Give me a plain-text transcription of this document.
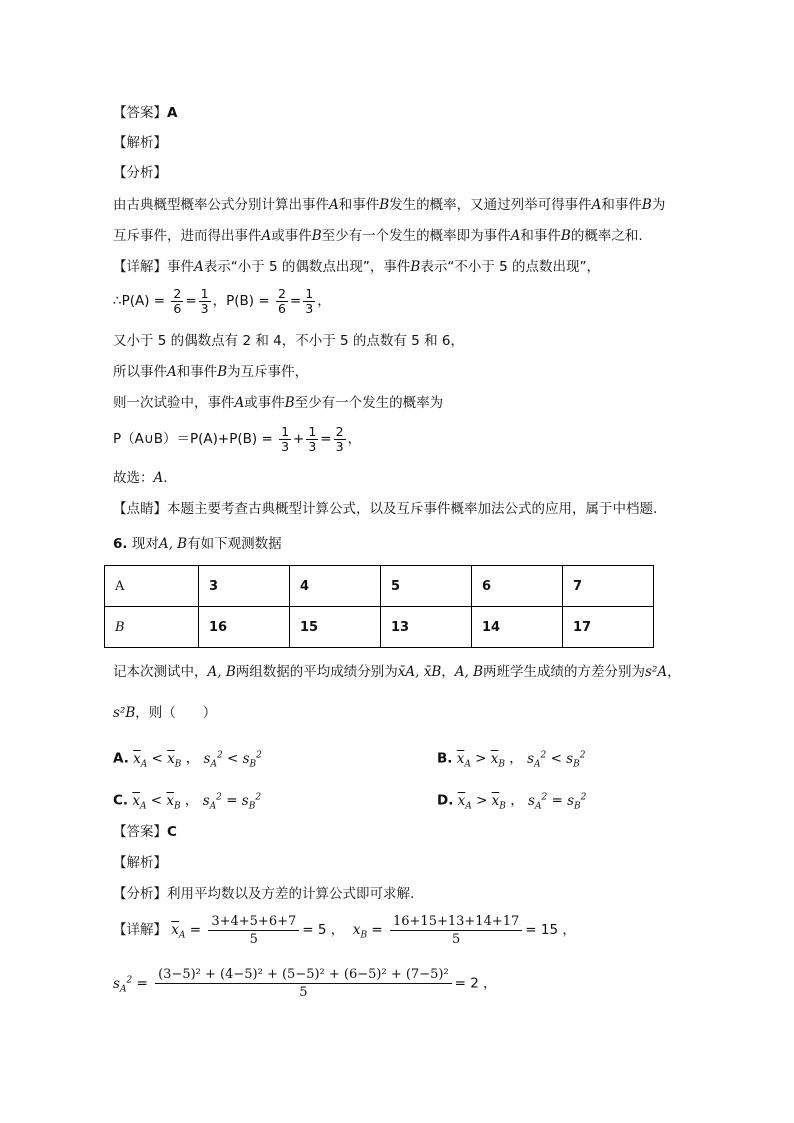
【答案】A
【解析】
【分析】
由古典概型概率公式分别计算出事件A和事件B发生的概率，又通过列举可得事件A和事件B为
互斥事件，进而得出事件A或事件B至少有一个发生的概率即为事件A和事件B的概率之和.
【详解】事件A表示“小于 5 的偶数点出现”，事件B表示“不小于 5 的点数出现”，
∴P(A) = $\frac{2}{6} = \frac{1}{3}$ ，$P(B) = \frac{2}{6} = \frac{1}{3}$ ，
又小于 5 的偶数点有 2 和 4，不小于 5 的点数有 5 和 6，
所以事件A和事件B为互斥事件，
则一次试验中，事件A或事件B至少有一个发生的概率为
P（A∪B）＝P(A)+P(B) = $\frac{1}{3} + \frac{1}{3} = \frac{2}{3}$ ，
故选：A.
【点睛】本题主要考查古典概型计算公式，以及互斥事件概率加法公式的应用，属于中档题.
6. 现对A, B有如下观测数据
A	3	4	5	6	7
B	16	15	13	14	17
记本次测试中，A, B两组数据的平均成绩分别为x̄A, x̄B，A, B两班学生成绩的方差分别为s²A，
s²B，则（　　）
A. $\overline{x}_A < \overline{x}_B$ ， $s_A^2 < s_B^2$	B. $\overline{x}_A > \overline{x}_B$ ， $s_A^2 < s_B^2$
C. $\overline{x}_A < \overline{x}_B$ ， $s_A^2 = s_B^2$	D. $\overline{x}_A > \overline{x}_B$ ， $s_A^2 = s_B^2$
【答案】C
【解析】
【分析】利用平均数以及方差的计算公式即可求解.
【详解】 $\overline{x}_A = \frac{3+4+5+6+7}{5} = 5$ ， $x_B = \frac{16+15+13+14+17}{5} = 15$ ，
$s_A^2 = \frac{\text{(3−5)² + (4−5)² + (5−5)² + (6−5)² + (7−5)²}}{5} = 2$ ，
